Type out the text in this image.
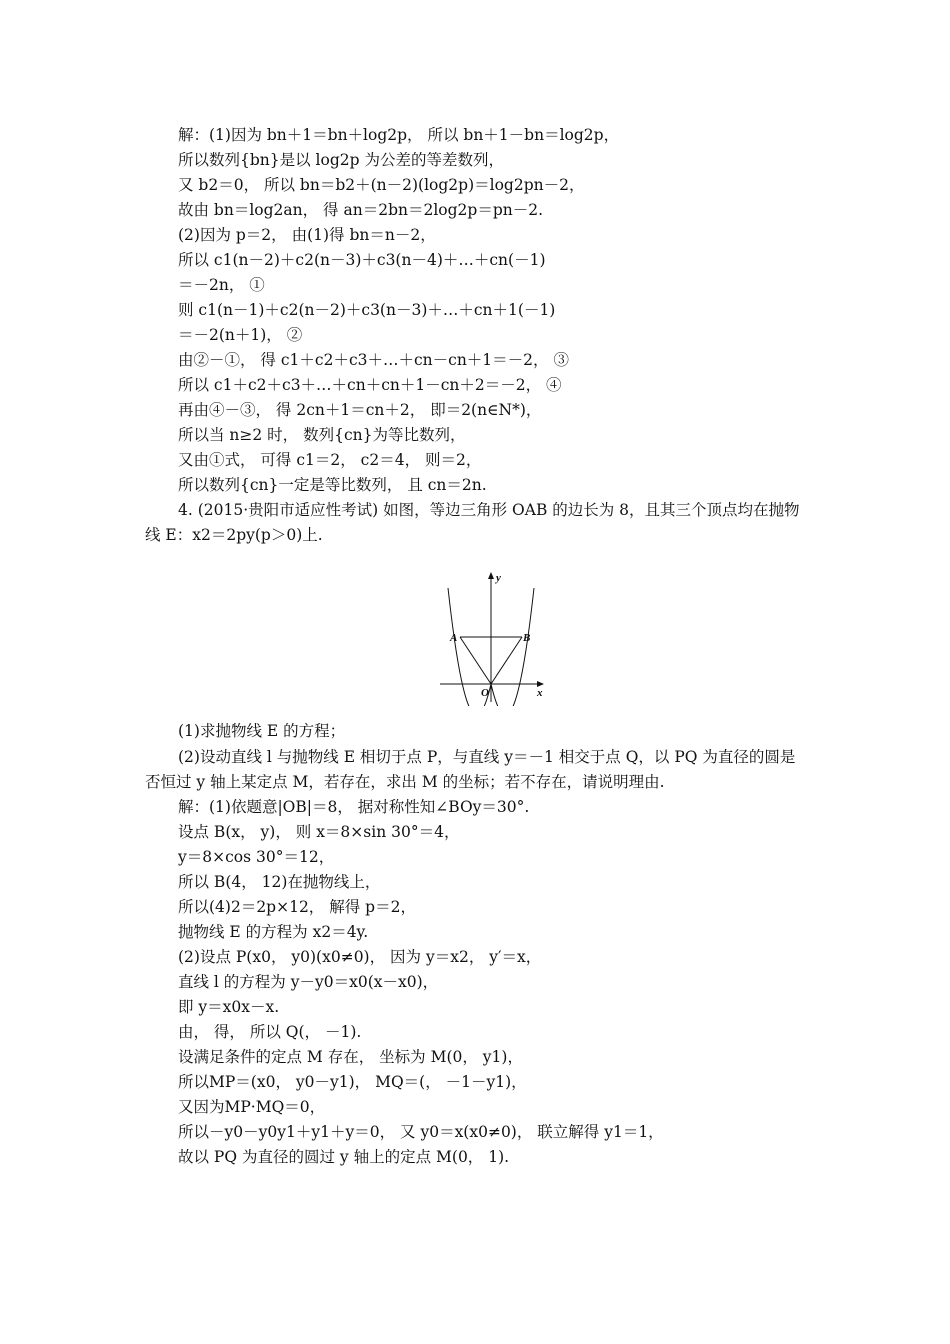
解：(1)因为 bn＋1＝bn＋log2p， 所以 bn＋1－bn＝log2p，
所以数列{bn}是以 log2p 为公差的等差数列，
又 b2＝0， 所以 bn＝b2＋(n－2)(log2p)＝log2pn－2，
故由 bn＝log2an， 得 an＝2bn＝2log2p＝pn－2.
(2)因为 p＝2， 由(1)得 bn＝n－2，
所以 c1(n－2)＋c2(n－3)＋c3(n－4)＋…＋cn(－1)
＝－2n， ①
则 c1(n－1)＋c2(n－2)＋c3(n－3)＋…＋cn＋1(－1)
＝－2(n＋1)， ②
由②－①， 得 c1＋c2＋c3＋…＋cn－cn＋1＝－2， ③
所以 c1＋c2＋c3＋…＋cn＋cn＋1－cn＋2＝－2， ④
再由④－③， 得 2cn＋1＝cn＋2， 即＝2(n∈N*)，
所以当 n≥2 时， 数列{cn}为等比数列，
又由①式， 可得 c1＝2， c2＝4， 则＝2，
所以数列{cn}一定是等比数列， 且 cn＝2n.
4. (2015·贵阳市适应性考试) 如图，等边三角形 OAB 的边长为 8，且其三个顶点均在抛物
线 E：x2＝2py(p＞0)上.
y
x
A	B
O
(1)求抛物线 E 的方程；
(2)设动直线 l 与抛物线 E 相切于点 P，与直线 y＝－1 相交于点 Q，以 PQ 为直径的圆是
否恒过 y 轴上某定点 M，若存在，求出 M 的坐标；若不存在，请说明理由.
解：(1)依题意|OB|＝8， 据对称性知∠BOy＝30°.
设点 B(x， y)， 则 x＝8×sin 30°＝4，
y＝8×cos 30°＝12，
所以 B(4， 12)在抛物线上，
所以(4)2＝2p×12， 解得 p＝2，
抛物线 E 的方程为 x2＝4y.
(2)设点 P(x0， y0)(x0≠0)， 因为 y＝x2， y′＝x，
直线 l 的方程为 y－y0＝x0(x－x0)，
即 y＝x0x－x.
由， 得， 所以 Q(， －1).
设满足条件的定点 M 存在， 坐标为 M(0， y1)，
所以MP＝(x0， y0－y1)， MQ＝(， －1－y1)，
又因为MP·MQ＝0，
所以－y0－y0y1＋y1＋y＝0， 又 y0＝x(x0≠0)， 联立解得 y1＝1，
故以 PQ 为直径的圆过 y 轴上的定点 M(0， 1).
